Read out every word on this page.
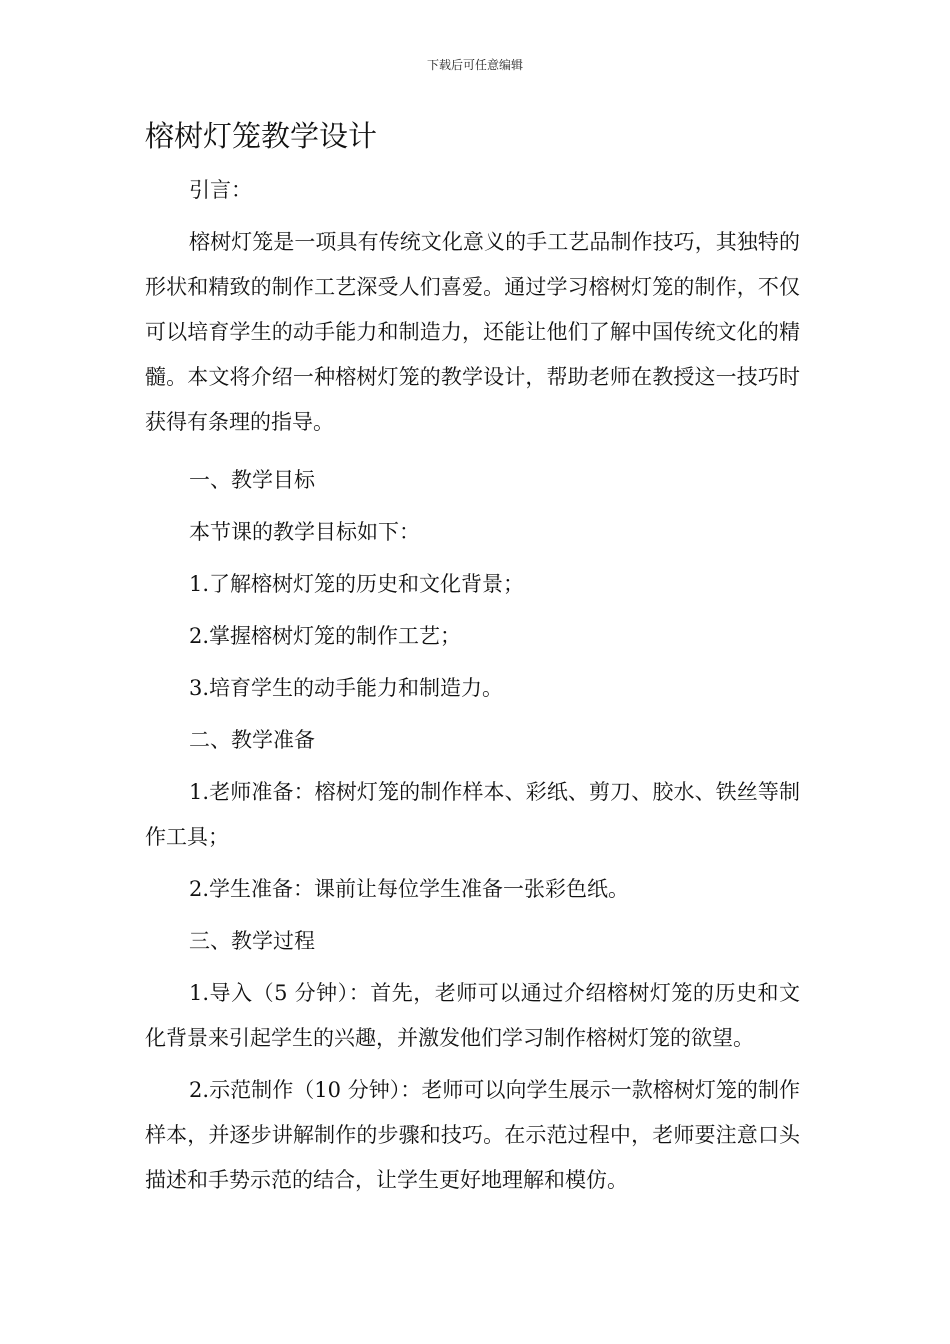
下载后可任意编辑
榕树灯笼教学设计

引言：

榕树灯笼是一项具有传统文化意义的手工艺品制作技巧，其独特的形状和精致的制作工艺深受人们喜爱。通过学习榕树灯笼的制作，不仅可以培育学生的动手能力和制造力，还能让他们了解中国传统文化的精髓。本文将介绍一种榕树灯笼的教学设计，帮助老师在教授这一技巧时获得有条理的指导。

一、教学目标

本节课的教学目标如下：

1.了解榕树灯笼的历史和文化背景；

2.掌握榕树灯笼的制作工艺；

3.培育学生的动手能力和制造力。

二、教学准备

1.老师准备：榕树灯笼的制作样本、彩纸、剪刀、胶水、铁丝等制作工具；

2.学生准备：课前让每位学生准备一张彩色纸。

三、教学过程

1.导入（5 分钟）：首先，老师可以通过介绍榕树灯笼的历史和文化背景来引起学生的兴趣，并激发他们学习制作榕树灯笼的欲望。

2.示范制作（10 分钟）：老师可以向学生展示一款榕树灯笼的制作样本，并逐步讲解制作的步骤和技巧。在示范过程中，老师要注意口头描述和手势示范的结合，让学生更好地理解和模仿。
